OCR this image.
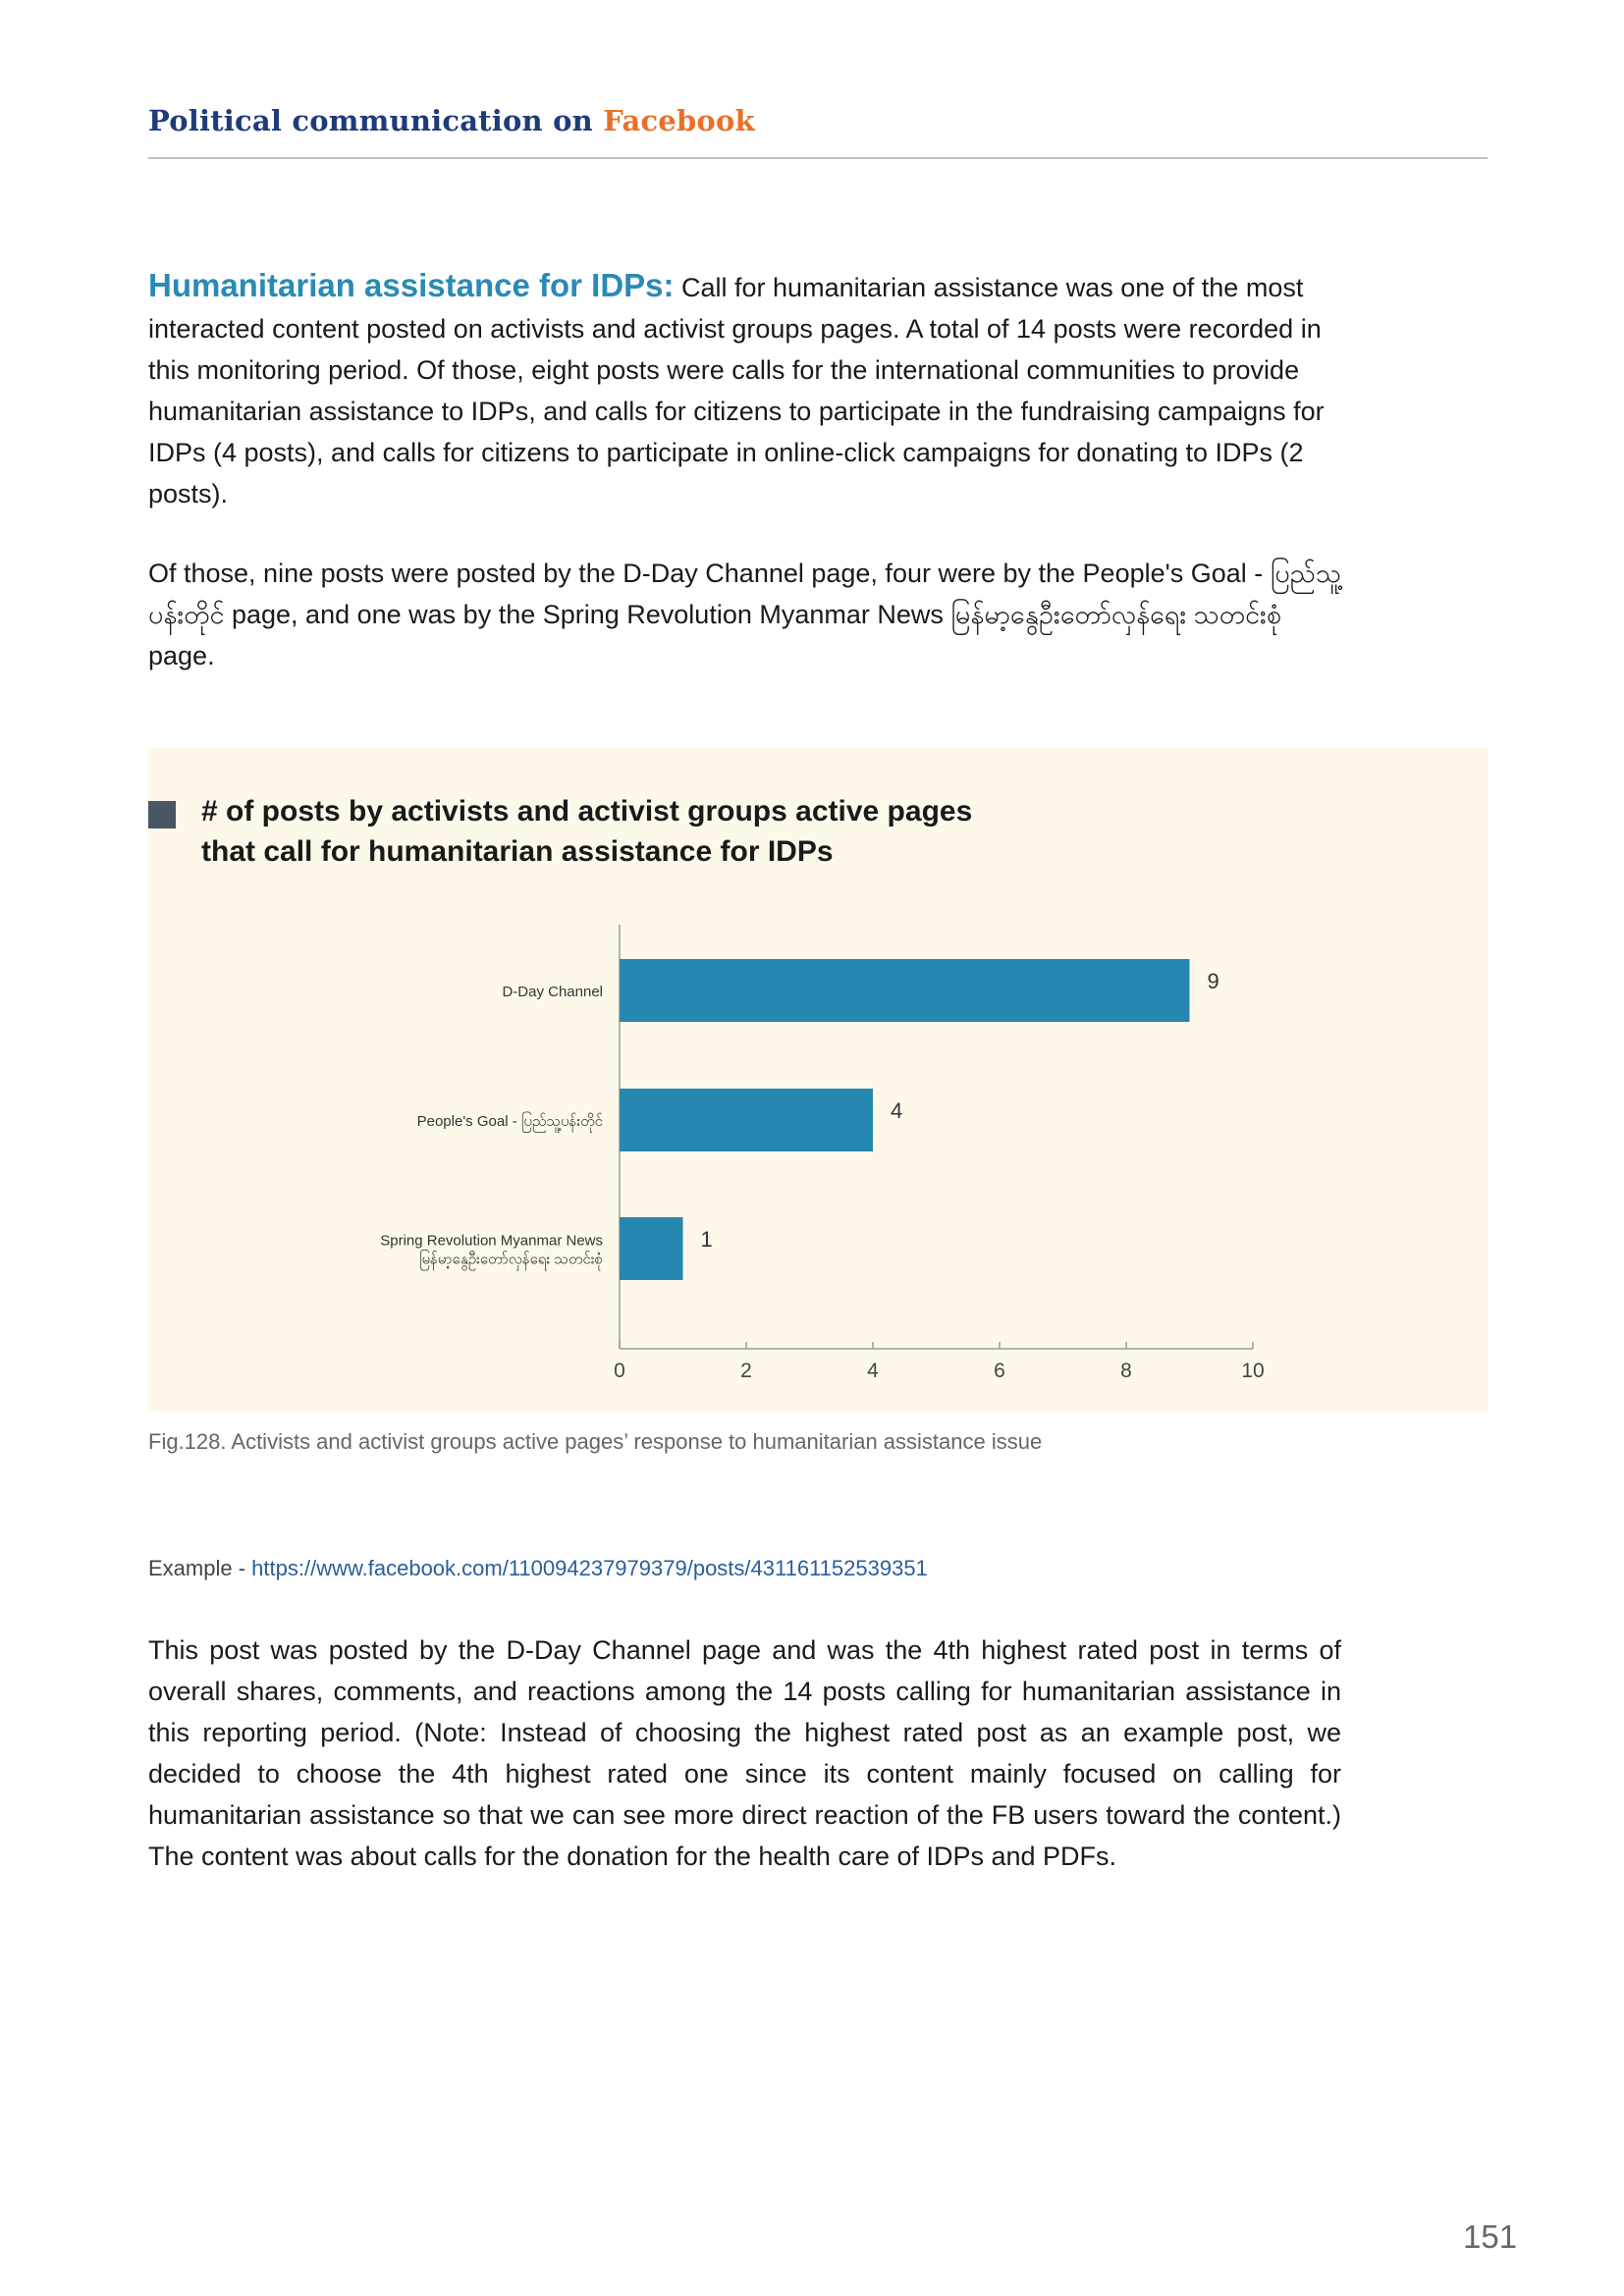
Political communication on Facebook
Humanitarian assistance for IDPs: Call for humanitarian assistance was one of the most interacted content posted on activists and activist groups pages. A total of 14 posts were recorded in this monitoring period. Of those, eight posts were calls for the international communities to provide humanitarian assistance to IDPs, and calls for citizens to participate in the fundraising campaigns for IDPs (4 posts), and calls for citizens to participate in online-click campaigns for donating to IDPs (2 posts).
Of those, nine posts were posted by the D-Day Channel page, four were by the People's Goal - ပြည်သူ့ပန်းတိုင် page, and one was by the Spring Revolution Myanmar News မြန်မာ့နွေဦးတော်လှန်ရေး သတင်းစုံ page.
# of posts by activists and activist groups active pages
that call for humanitarian assistance for IDPs
0	2	4	6	8	10
9
D-Day Channel
4
People's Goal - ပြည်သူ့ပန်းတိုင်
1
Spring Revolution Myanmar News
မြန်မာ့နွေဦးတော်လှန်ရေး သတင်းစုံ
Fig.128. Activists and activist groups active pages’ response to humanitarian assistance issue
Example - https://www.facebook.com/110094237979379/posts/431161152539351
This post was posted by the D-Day Channel page and was the 4th highest rated post in terms of overall shares, comments, and reactions among the 14 posts calling for humanitarian assistance in this reporting period. (Note: Instead of choosing the highest rated post as an example post, we decided to choose the 4th highest rated one since its content mainly focused on calling for humanitarian assistance so that we can see more direct reaction of the FB users toward the content.) The content was about calls for the donation for the health care of IDPs and PDFs.
151
